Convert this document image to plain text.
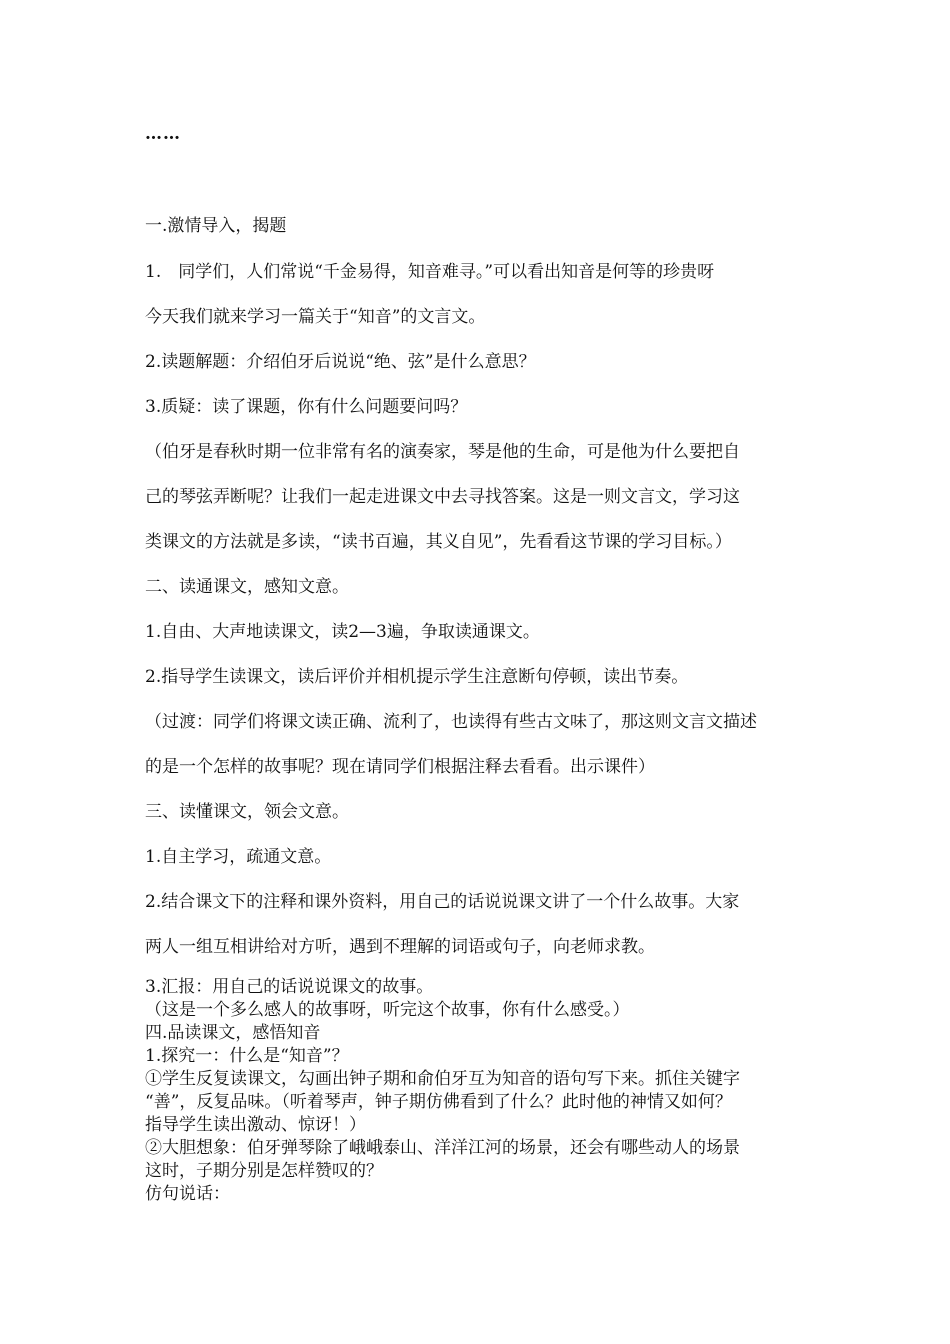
……
一.激情导入，揭题
1.　同学们，人们常说“千金易得，知音难寻。”可以看出知音是何等的珍贵呀
今天我们就来学习一篇关于“知音”的文言文。
2.读题解题：介绍伯牙后说说“绝、弦”是什么意思？
3.质疑：读了课题，你有什么问题要问吗？
（伯牙是春秋时期一位非常有名的演奏家，琴是他的生命，可是他为什么要把自
己的琴弦弄断呢？让我们一起走进课文中去寻找答案。这是一则文言文，学习这
类课文的方法就是多读，“读书百遍，其义自见”，先看看这节课的学习目标。）
二、读通课文，感知文意。
1.自由、大声地读课文，读2—3遍，争取读通课文。
2.指导学生读课文，读后评价并相机提示学生注意断句停顿，读出节奏。
（过渡：同学们将课文读正确、流利了，也读得有些古文味了，那这则文言文描述
的是一个怎样的故事呢？现在请同学们根据注释去看看。出示课件）
三、读懂课文，领会文意。
1.自主学习，疏通文意。
2.结合课文下的注释和课外资料，用自己的话说说课文讲了一个什么故事。大家
两人一组互相讲给对方听，遇到不理解的词语或句子，向老师求教。
3.汇报：用自己的话说说课文的故事。
（这是一个多么感人的故事呀，听完这个故事，你有什么感受。）
四.品读课文，感悟知音
1.探究一：什么是“知音”？
①学生反复读课文，勾画出钟子期和俞伯牙互为知音的语句写下来。抓住关键字
“善”，反复品味。（听着琴声，钟子期仿佛看到了什么？此时他的神情又如何？
指导学生读出激动、惊讶！）
②大胆想象：伯牙弹琴除了峨峨泰山、洋洋江河的场景，还会有哪些动人的场景
这时，子期分别是怎样赞叹的？
仿句说话：
